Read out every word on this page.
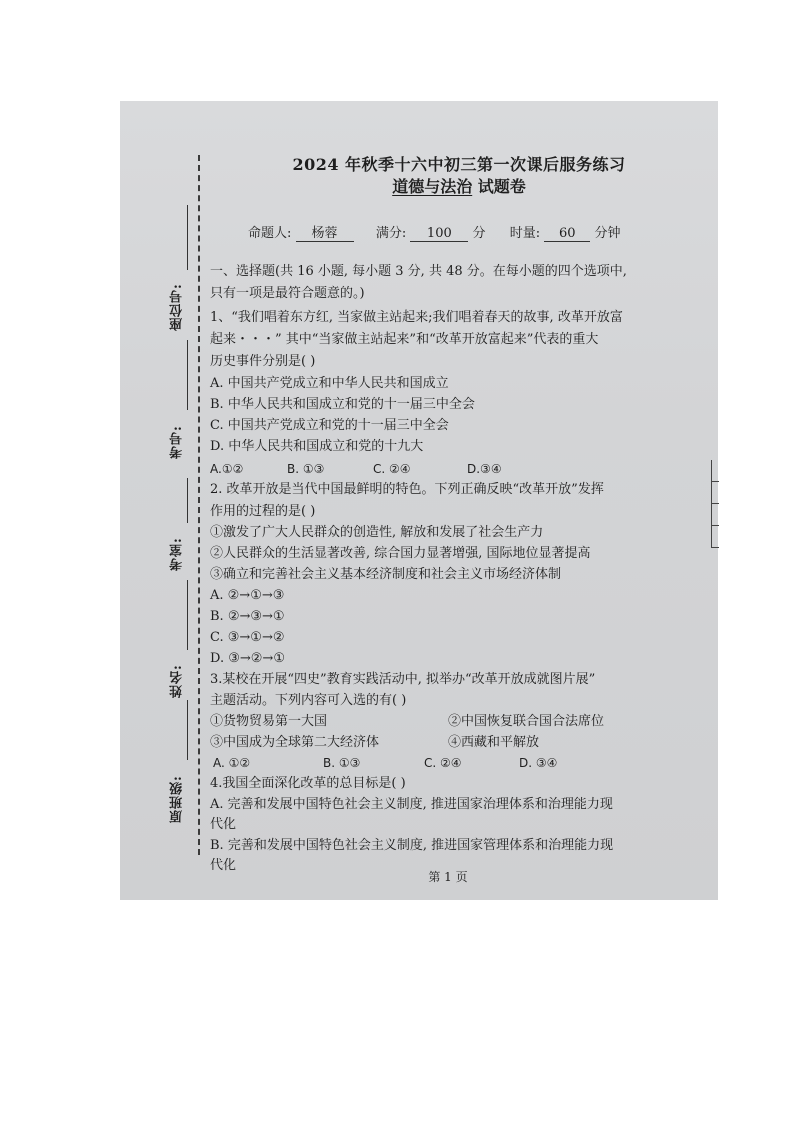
座位号:
考号:
考室:
姓名:
原班级:
2024 年秋季十六中初三第一次课后服务练习
道德与法治 试题卷
命题人: 杨蓉	满分: 100 分 时量: 60 分钟
一、选择题(共 16 小题, 每小题 3 分, 共 48 分。在每小题的四个选项中,
只有一项是最符合题意的。)
1、“我们唱着东方红, 当家做主站起来;我们唱着春天的故事, 改革开放富
起来・・・” 其中“当家做主站起来”和“改革开放富起来”代表的重大
历史事件分别是( )
A. 中国共产党成立和中华人民共和国成立
B. 中华人民共和国成立和党的十一届三中全会
C. 中国共产党成立和党的十一届三中全会
D. 中华人民共和国成立和党的十九大
A.①②	B. ①③	C. ②④	D.③④
2. 改革开放是当代中国最鲜明的特色。下列正确反映“改革开放”发挥
作用的过程的是( )
①激发了广大人民群众的创造性, 解放和发展了社会生产力
②人民群众的生活显著改善, 综合国力显著增强, 国际地位显著提高
③确立和完善社会主义基本经济制度和社会主义市场经济体制
A. ②→①→③
B. ②→③→①
C. ③→①→②
D. ③→②→①
3.某校在开展“四史”教育实践活动中, 拟举办“改革开放成就图片展”
主题活动。下列内容可入选的有( )
①货物贸易第一大国	②中国恢复联合国合法席位
③中国成为全球第二大经济体	④西藏和平解放
A. ①②	B. ①③	C. ②④	D. ③④
4.我国全面深化改革的总目标是( )
A. 完善和发展中国特色社会主义制度, 推进国家治理体系和治理能力现
代化
B. 完善和发展中国特色社会主义制度, 推进国家管理体系和治理能力现
代化
第 1 页
